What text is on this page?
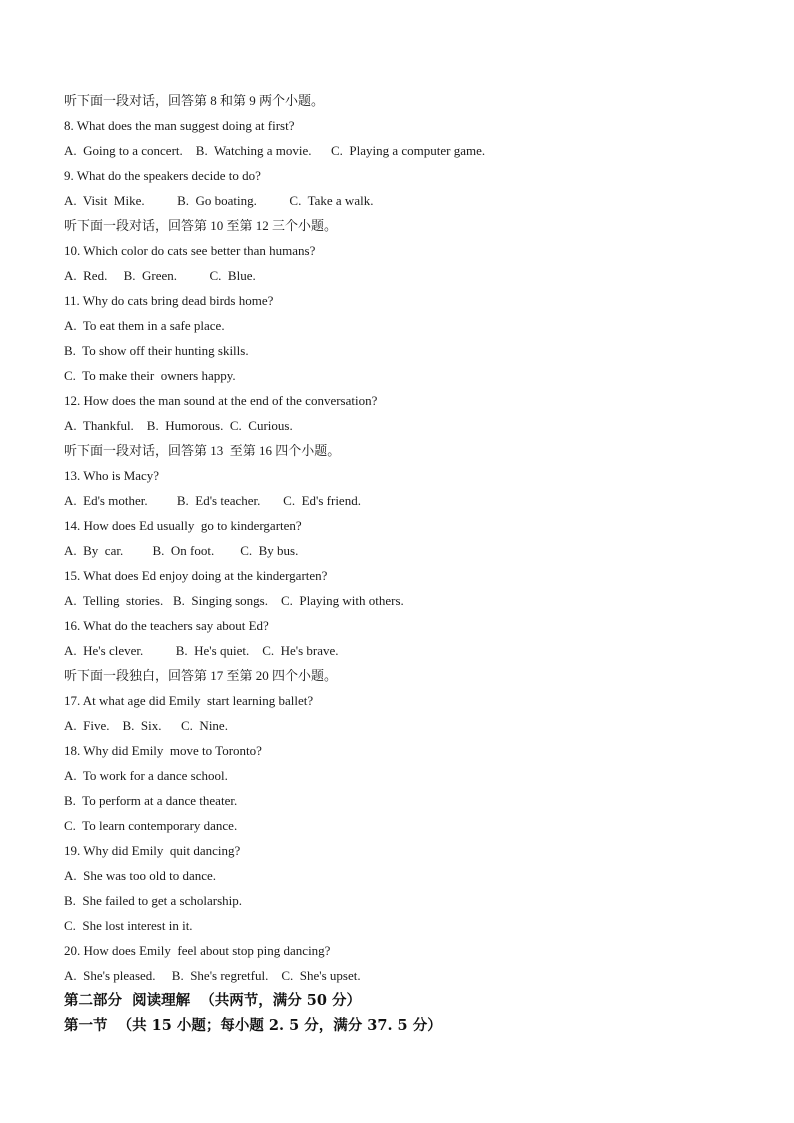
听下面一段对话，回答第 8 和第 9 两个小题。
8. What does the man suggest doing at first?
A.  Going to a concert.    B.  Watching a movie.      C.  Playing a computer game.
9. What do the speakers decide to do?
A.  Visit  Mike.          B.  Go boating.          C.  Take a walk.
听下面一段对话，回答第 10 至第 12 三个小题。
10. Which color do cats see better than humans?
A.  Red.     B.  Green.          C.  Blue.
11. Why do cats bring dead birds home?
A.  To eat them in a safe place.
B.  To show off their hunting skills.
C.  To make their  owners happy.
12. How does the man sound at the end of the conversation?
A.  Thankful.    B.  Humorous.  C.  Curious.
听下面一段对话，回答第 13  至第 16 四个小题。
13. Who is Macy?
A.  Ed's mother.         B.  Ed's teacher.       C.  Ed's friend.
14. How does Ed usually  go to kindergarten?
A.  By  car.         B.  On foot.        C.  By bus.
15. What does Ed enjoy doing at the kindergarten?
A.  Telling  stories.   B.  Singing songs.    C.  Playing with others.
16. What do the teachers say about Ed?
A.  He's clever.          B.  He's quiet.    C.  He's brave.
听下面一段独白，回答第 17 至第 20 四个小题。
17. At what age did Emily  start learning ballet?
A.  Five.    B.  Six.      C.  Nine.
18. Why did Emily  move to Toronto?
A.  To work for a dance school.
B.  To perform at a dance theater.
C.  To learn contemporary dance.
19. Why did Emily  quit dancing?
A.  She was too old to dance.
B.  She failed to get a scholarship.
C.  She lost interest in it.
20. How does Emily  feel about stop ping dancing?
A.  She's pleased.     B.  She's regretful.    C.  She's upset.
第二部分  阅读理解  （共两节，满分 50 分）
第一节  （共 15 小题；每小题 2. 5 分，满分 37. 5 分）
